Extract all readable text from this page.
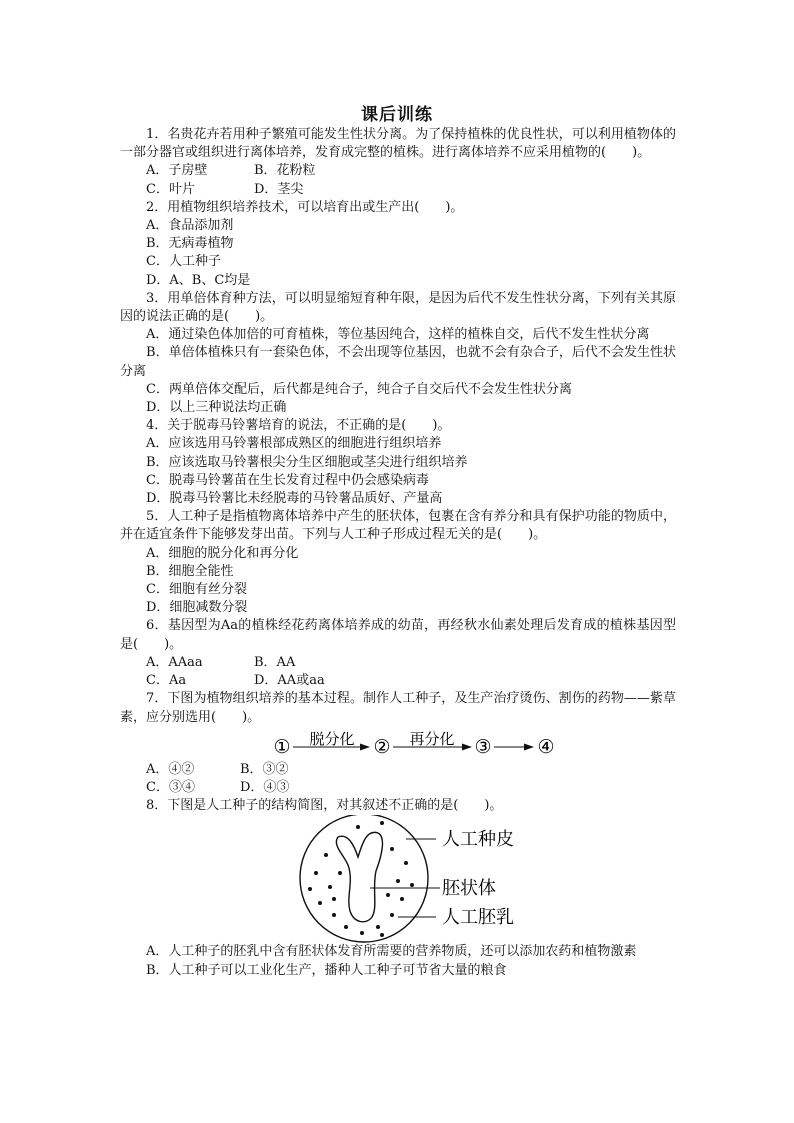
课后训练

1．名贵花卉若用种子繁殖可能发生性状分离。为了保持植株的优良性状，可以利用植物体的一部分器官或组织进行离体培养，发育成完整的植株。进行离体培养不应采用植物的(　　)。

A．子房壁	B．花粉粒

C．叶片	D．茎尖

2．用植物组织培养技术，可以培育出或生产出(　　)。

A．食品添加剂

B．无病毒植物

C．人工种子

D．A、B、C均是

3．用单倍体育种方法，可以明显缩短育种年限，是因为后代不发生性状分离，下列有关其原因的说法正确的是(　　)。

A．通过染色体加倍的可育植株，等位基因纯合，这样的植株自交，后代不发生性状分离

B．单倍体植株只有一套染色体，不会出现等位基因，也就不会有杂合子，后代不会发生性状分离

C．两单倍体交配后，后代都是纯合子，纯合子自交后代不会发生性状分离

D．以上三种说法均正确

4．关于脱毒马铃薯培育的说法，不正确的是(　　)。

A．应该选用马铃薯根部成熟区的细胞进行组织培养

B．应该选取马铃薯根尖分生区细胞或茎尖进行组织培养

C．脱毒马铃薯苗在生长发育过程中仍会感染病毒

D．脱毒马铃薯比未经脱毒的马铃薯品质好、产量高

5．人工种子是指植物离体培养中产生的胚状体，包裹在含有养分和具有保护功能的物质中，并在适宜条件下能够发芽出苗。下列与人工种子形成过程无关的是(　　)。

A．细胞的脱分化和再分化

B．细胞全能性

C．细胞有丝分裂

D．细胞减数分裂

6．基因型为Aa的植株经花药离体培养成的幼苗，再经秋水仙素处理后发育成的植株基因型是(　　)。

A．AAaa	B．AA

C．Aa	D．AA或aa

7．下图为植物组织培养的基本过程。制作人工种子，及生产治疗烫伤、割伤的药物——紫草素，应分别选用(　　)。

① 脱分化 ② 再分化 ③ ④

A．④②	B．③②

C．③④	D．④③

8．下图是人工种子的结构简图，对其叙述不正确的是(　　)。

人工种皮
胚状体
人工胚乳

A．人工种子的胚乳中含有胚状体发育所需要的营养物质，还可以添加农药和植物激素

B．人工种子可以工业化生产，播种人工种子可节省大量的粮食
